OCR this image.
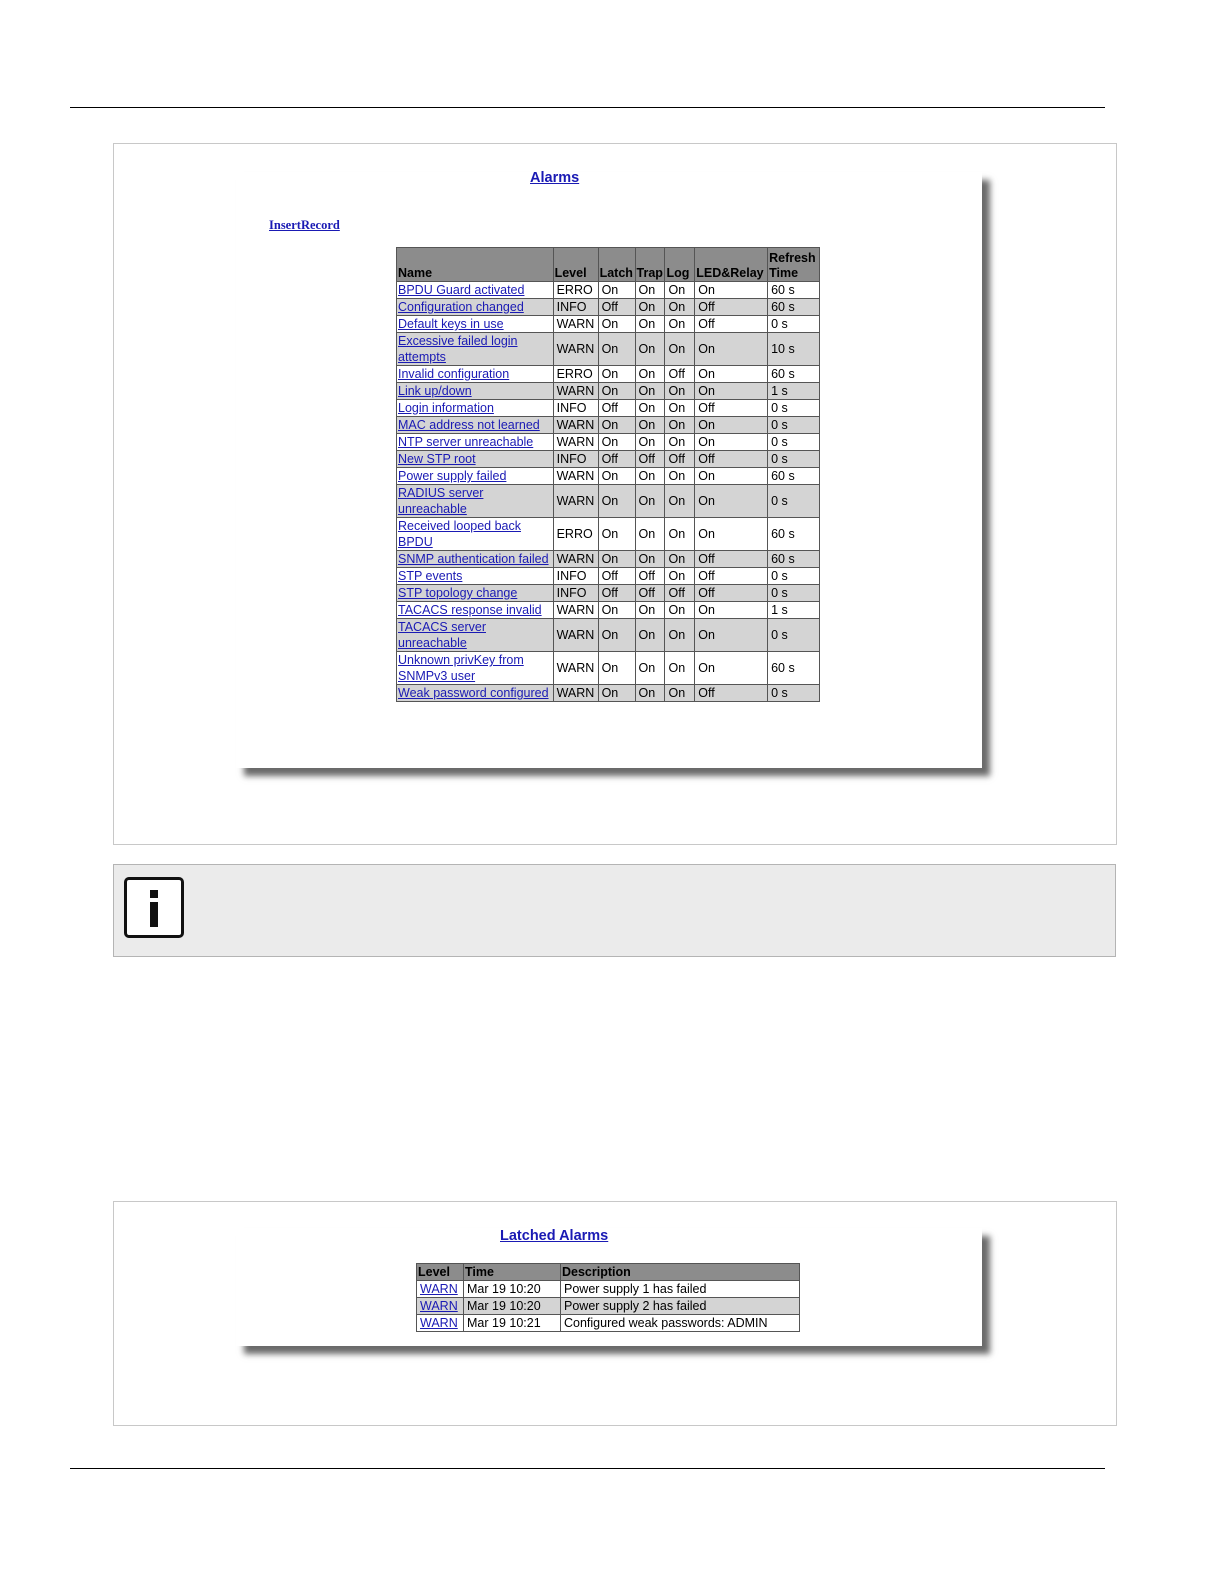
Alarms
InsertRecord
Name	Level	Latch	Trap	Log	LED&Relay	Refresh
Time
BPDU Guard activated	ERRO	On	On	On	On	60 s
Configuration changed	INFO	Off	On	On	Off	60 s
Default keys in use	WARN	On	On	On	Off	0 s
Excessive failed login attempts	WARN	On	On	On	On	10 s
Invalid configuration	ERRO	On	On	Off	On	60 s
Link up/down	WARN	On	On	On	On	1 s
Login information	INFO	Off	On	On	Off	0 s
MAC address not learned	WARN	On	On	On	On	0 s
NTP server unreachable	WARN	On	On	On	On	0 s
New STP root	INFO	Off	Off	Off	Off	0 s
Power supply failed	WARN	On	On	On	On	60 s
RADIUS server unreachable	WARN	On	On	On	On	0 s
Received looped back BPDU	ERRO	On	On	On	On	60 s
SNMP authentication failed	WARN	On	On	On	Off	60 s
STP events	INFO	Off	Off	On	Off	0 s
STP topology change	INFO	Off	Off	Off	Off	0 s
TACACS response invalid	WARN	On	On	On	On	1 s
TACACS server unreachable	WARN	On	On	On	On	0 s
Unknown privKey from SNMPv3 user	WARN	On	On	On	On	60 s
Weak password configured	WARN	On	On	On	Off	0 s
Latched Alarms
Level	Time	Description
WARN	Mar 19 10:20	Power supply 1 has failed
WARN	Mar 19 10:20	Power supply 2 has failed
WARN	Mar 19 10:21	Configured weak passwords: ADMIN
